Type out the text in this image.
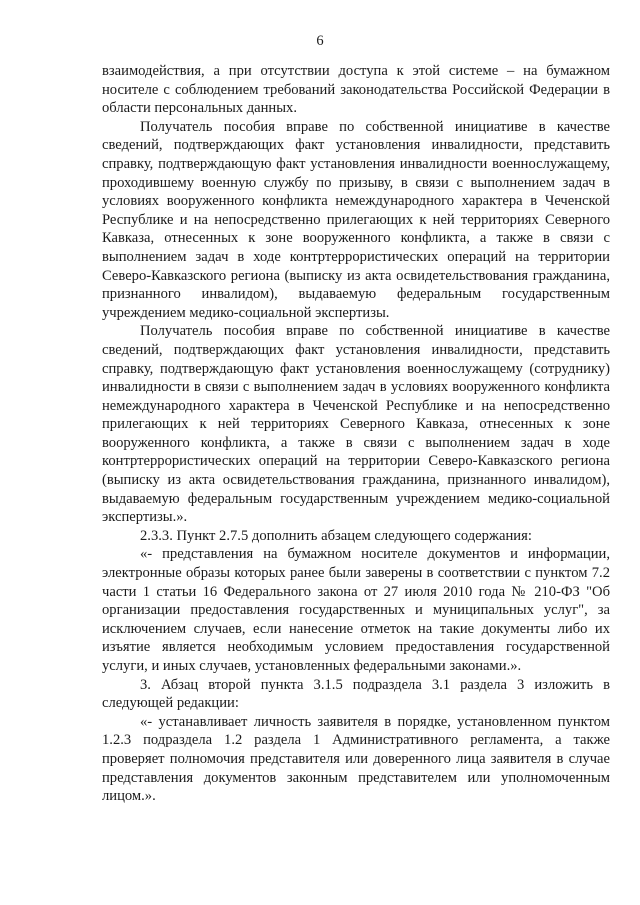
6

взаимодействия, а при отсутствии доступа к этой системе – на бумажном носителе с соблюдением требований законодательства Российской Федерации в области персональных данных.

Получатель пособия вправе по собственной инициативе в качестве сведений, подтверждающих факт установления инвалидности, представить справку, подтверждающую факт установления инвалидности военнослужащему, проходившему военную службу по призыву, в связи с выполнением задач в условиях вооруженного конфликта немеждународного характера в Чеченской Республике и на непосредственно прилегающих к ней территориях Северного Кавказа, отнесенных к зоне вооруженного конфликта, а также в связи с выполнением задач в ходе контртеррористических операций на территории Северо-Кавказского региона (выписку из акта освидетельствования гражданина, признанного инвалидом), выдаваемую федеральным государственным учреждением медико-социальной экспертизы.

Получатель пособия вправе по собственной инициативе в качестве сведений, подтверждающих факт установления инвалидности, представить справку, подтверждающую факт установления военнослужащему (сотруднику) инвалидности в связи с выполнением задач в условиях вооруженного конфликта немеждународного характера в Чеченской Республике и на непосредственно прилегающих к ней территориях Северного Кавказа, отнесенных к зоне вооруженного конфликта, а также в связи с выполнением задач в ходе контртеррористических операций на территории Северо-Кавказского региона (выписку из акта освидетельствования гражданина, признанного инвалидом), выдаваемую федеральным государственным учреждением медико-социальной экспертизы.».

2.3.3. Пункт 2.7.5 дополнить абзацем следующего содержания:

«- представления на бумажном носителе документов и информации, электронные образы которых ранее были заверены в соответствии с пунктом 7.2 части 1 статьи 16 Федерального закона от 27 июля 2010 года № 210-ФЗ "Об организации предоставления государственных и муниципальных услуг", за исключением случаев, если нанесение отметок на такие документы либо их изъятие является необходимым условием предоставления государственной услуги, и иных случаев, установленных федеральными законами.».

3. Абзац второй пункта 3.1.5 подраздела 3.1 раздела 3 изложить в следующей редакции:

«- устанавливает личность заявителя в порядке, установленном пунктом 1.2.3 подраздела 1.2 раздела 1 Административного регламента, а также проверяет полномочия представителя или доверенного лица заявителя в случае представления документов законным представителем или уполномоченным лицом.».
